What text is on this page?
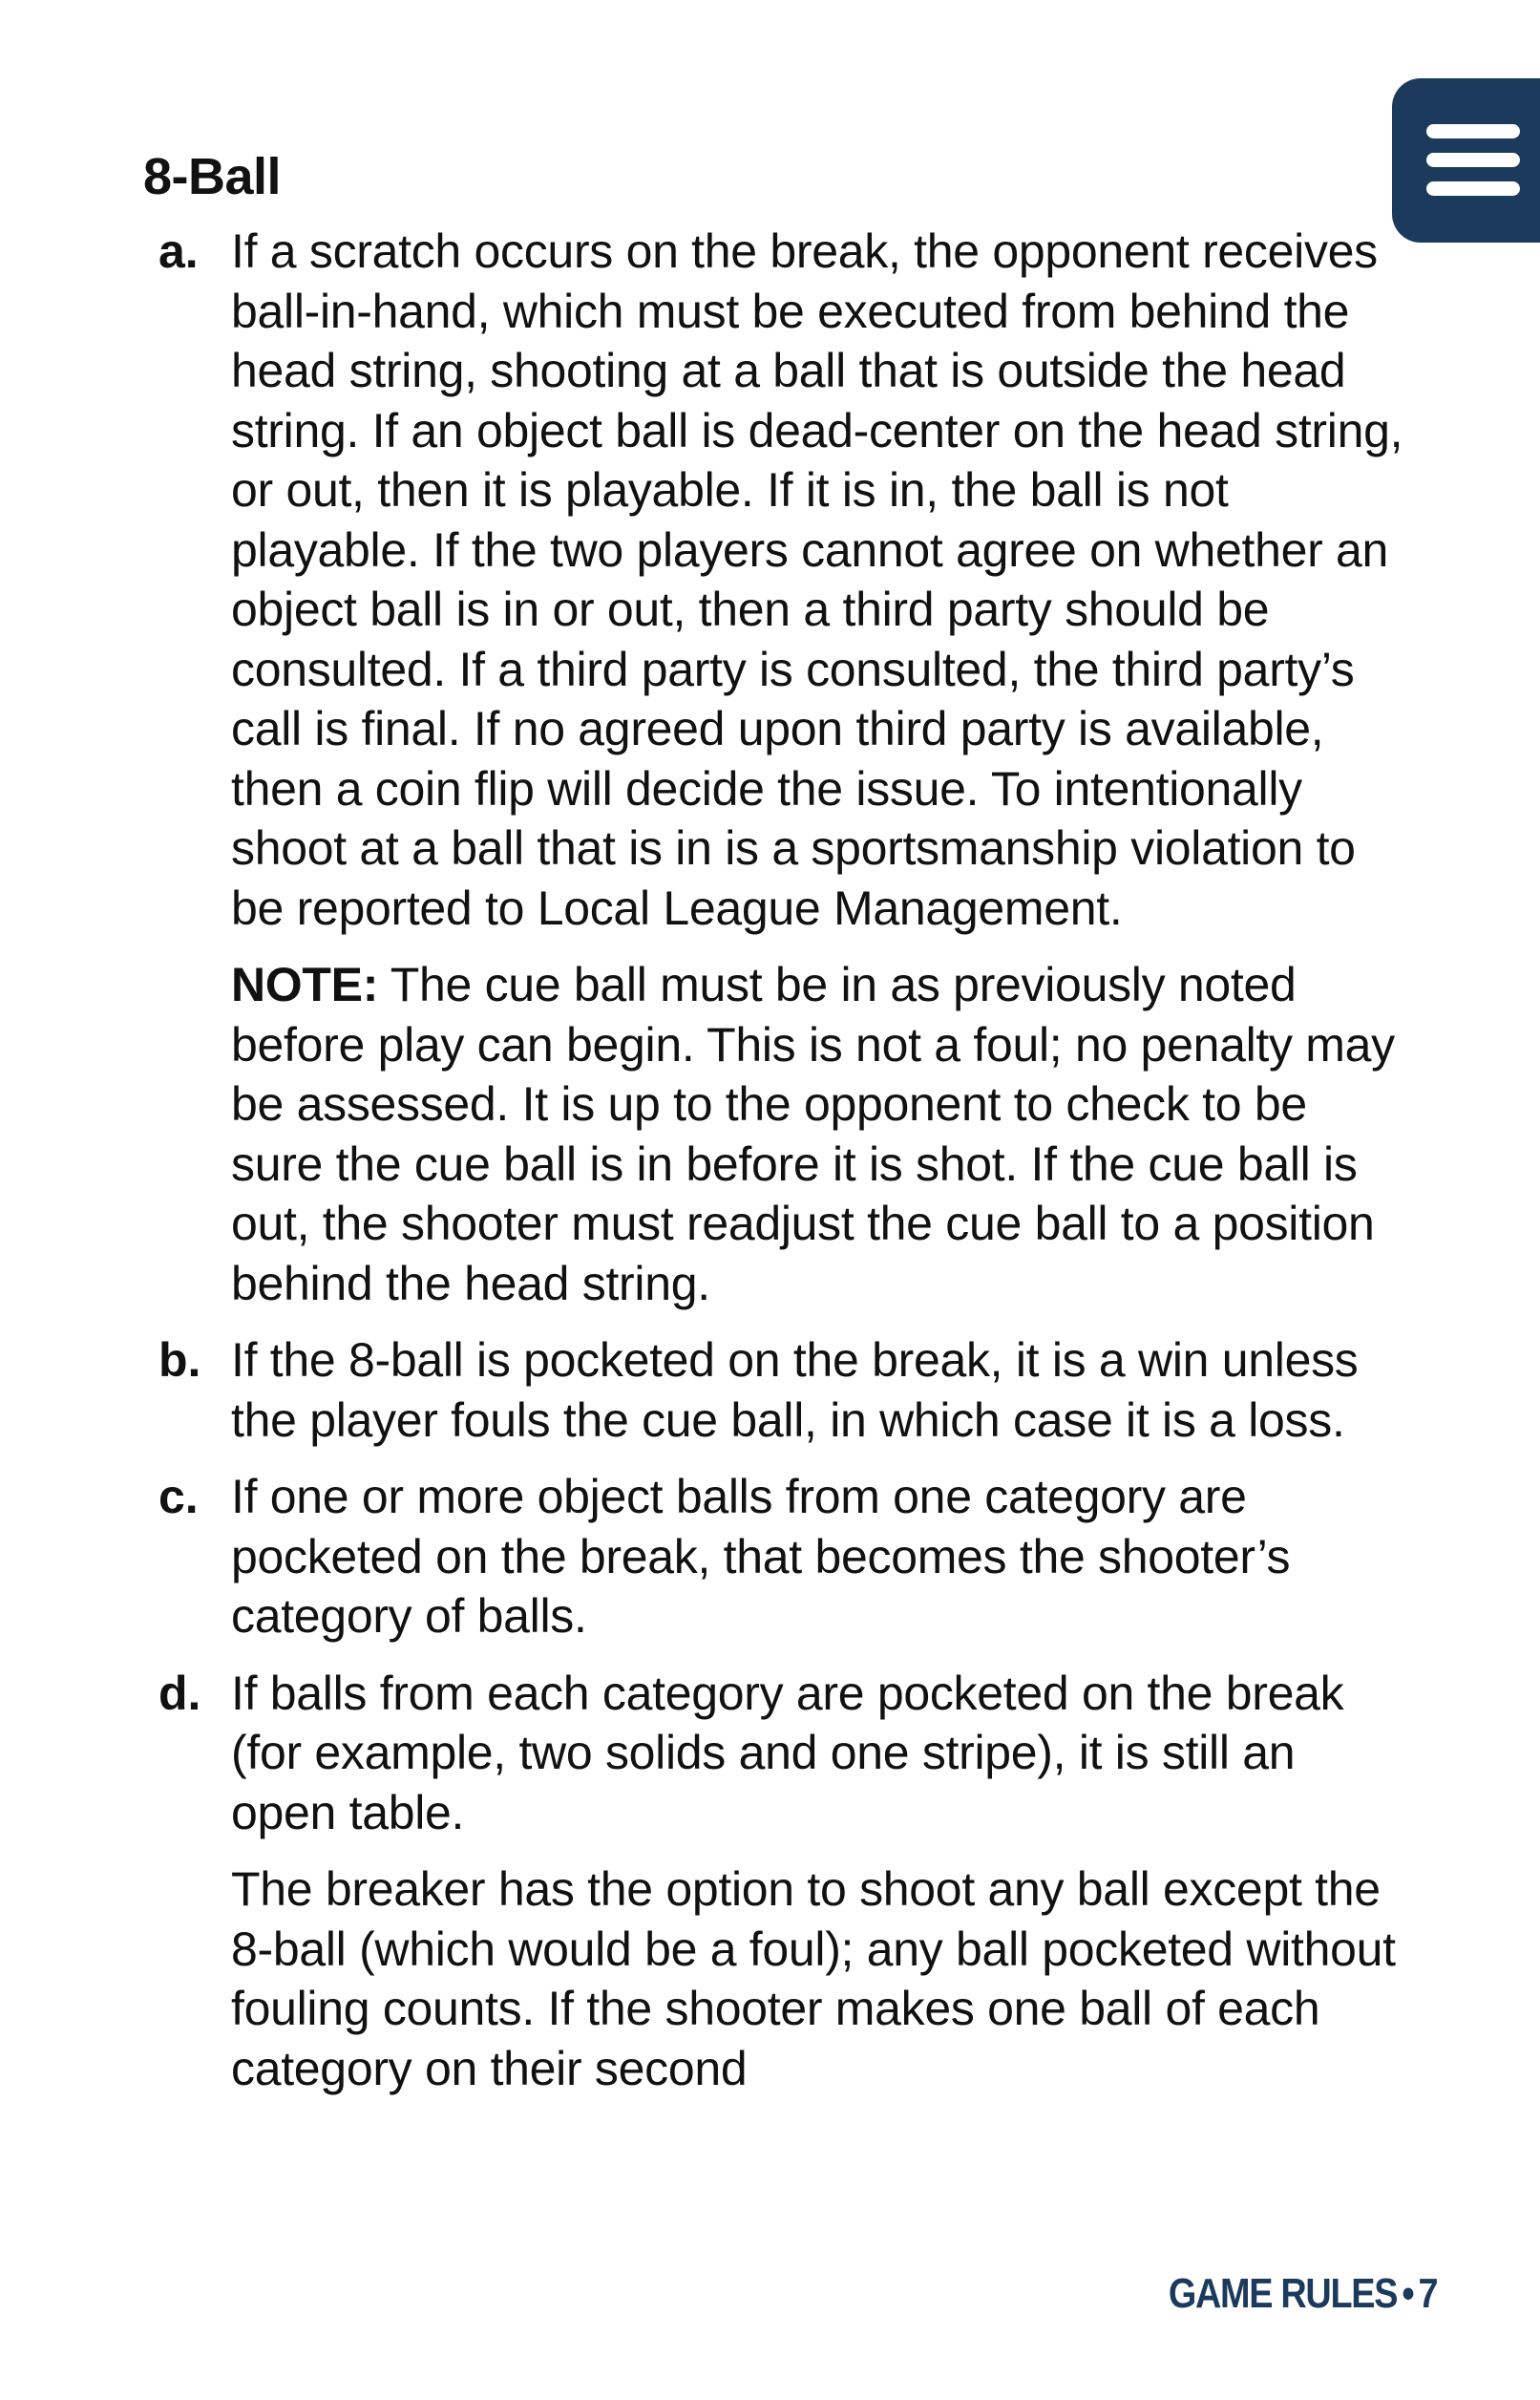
8-Ball
a. If a scratch occurs on the break, the opponent receives ball-in-hand, which must be executed from behind the head string, shooting at a ball that is outside the head string. If an object ball is dead-center on the head string, or out, then it is playable. If it is in, the ball is not playable. If the two players cannot agree on whether an object ball is in or out, then a third party should be consulted. If a third party is consulted, the third party’s call is final. If no agreed upon third party is available, then a coin flip will decide the issue. To intentionally shoot at a ball that is in is a sportsmanship violation to be reported to Local League Management.

NOTE: The cue ball must be in as previously noted before play can begin. This is not a foul; no penalty may be assessed. It is up to the opponent to check to be sure the cue ball is in before it is shot. If the cue ball is out, the shooter must readjust the cue ball to a position behind the head string.

b. If the 8-ball is pocketed on the break, it is a win unless the player fouls the cue ball, in which case it is a loss.

c. If one or more object balls from one category are pocketed on the break, that becomes the shooter’s category of balls.

d. If balls from each category are pocketed on the break (for example, two solids and one stripe), it is still an open table.

The breaker has the option to shoot any ball except the 8-ball (which would be a foul); any ball pocketed without fouling counts. If the shooter makes one ball of each category on their second

GAME RULES • 7
